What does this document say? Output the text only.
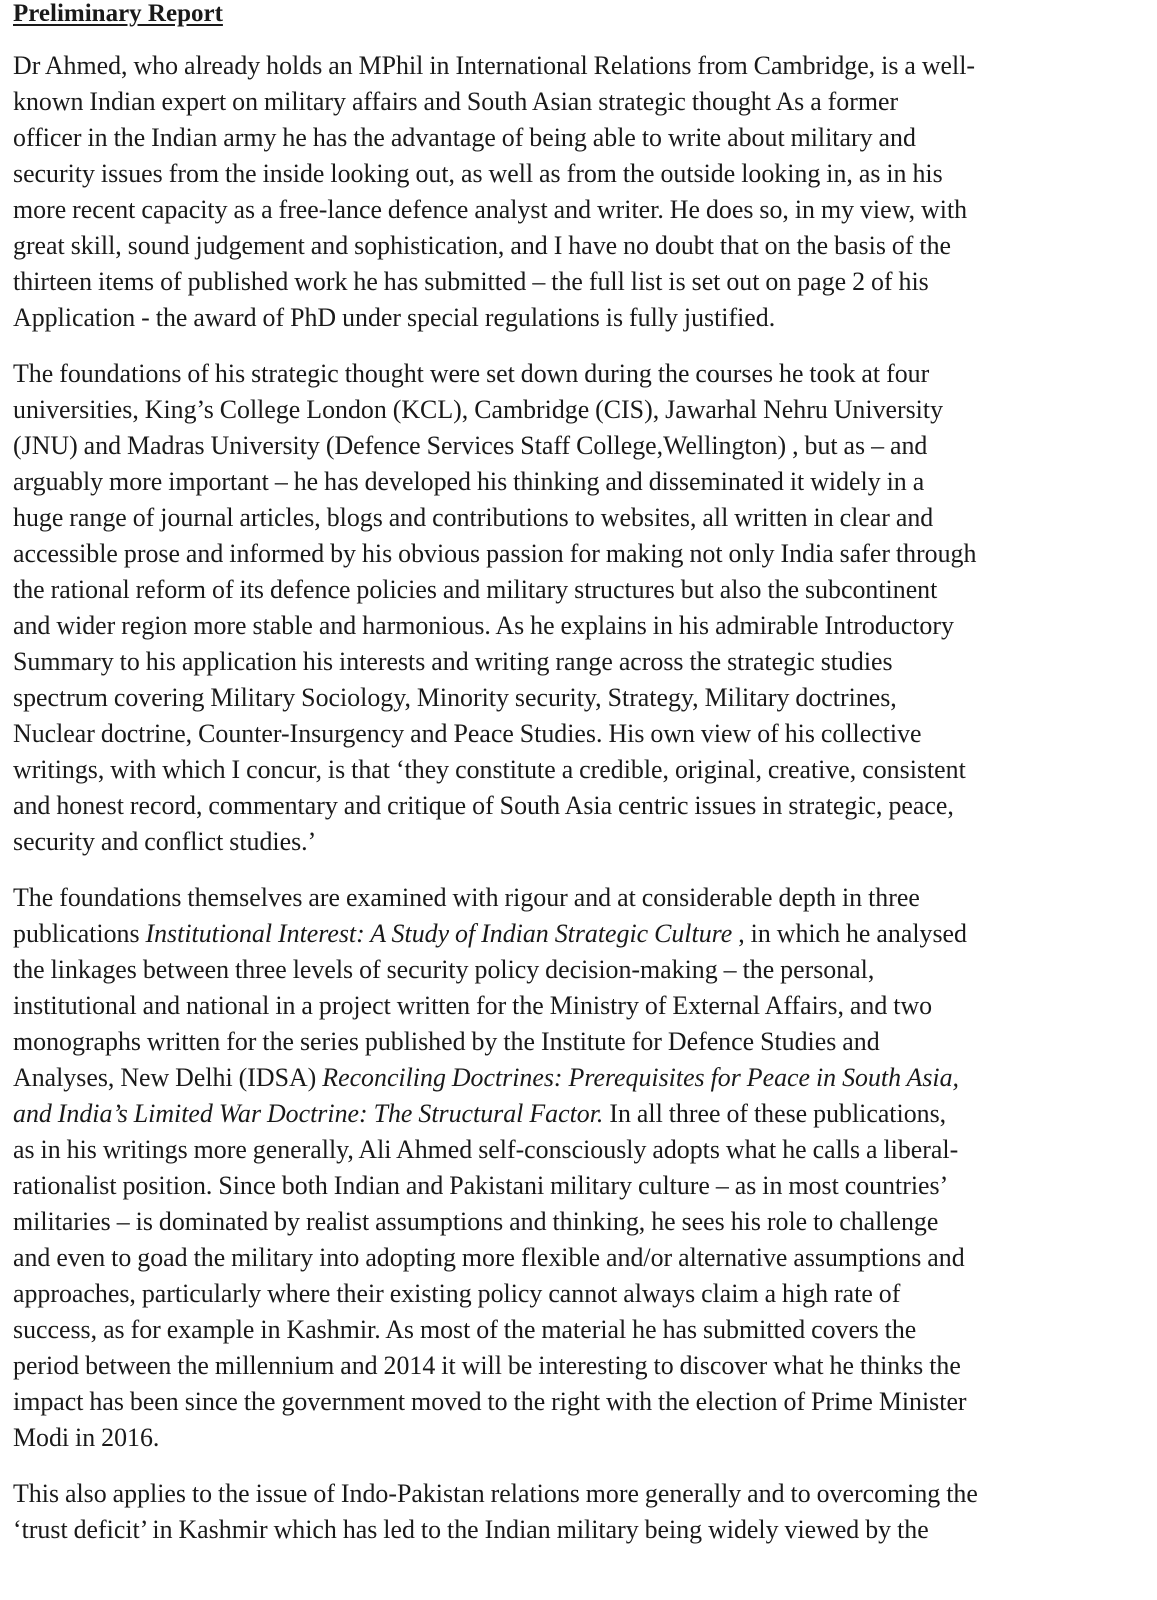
Preliminary Report

Dr Ahmed, who already holds an MPhil in International Relations from Cambridge, is a well-
known Indian expert on military affairs and South Asian strategic thought As a former
officer in the Indian army he has the advantage of being able to write about military and
security issues from the inside looking out, as well as from the outside looking in, as in his
more recent capacity as a free-lance defence analyst and writer. He does so, in my view, with
great skill, sound judgement and sophistication, and I have no doubt that on the basis of the
thirteen items of published work he has submitted – the full list is set out on page 2 of his
Application - the award of PhD under special regulations is fully justified.

The foundations of his strategic thought were set down during the courses he took at four
universities, King’s College London (KCL), Cambridge (CIS), Jawarhal Nehru University
(JNU) and Madras University (Defence Services Staff College,Wellington) , but as – and
arguably more important – he has developed his thinking and disseminated it widely in a
huge range of journal articles, blogs and contributions to websites, all written in clear and
accessible prose and informed by his obvious passion for making not only India safer through
the rational reform of its defence policies and military structures but also the subcontinent
and wider region more stable and harmonious. As he explains in his admirable Introductory
Summary to his application his interests and writing range across the strategic studies
spectrum covering Military Sociology, Minority security, Strategy, Military doctrines,
Nuclear doctrine, Counter-Insurgency and Peace Studies. His own view of his collective
writings, with which I concur, is that ‘they constitute a credible, original, creative, consistent
and honest record, commentary and critique of South Asia centric issues in strategic, peace,
security and conflict studies.’

The foundations themselves are examined with rigour and at considerable depth in three
publications Institutional Interest: A Study of Indian Strategic Culture , in which he analysed
the linkages between three levels of security policy decision-making – the personal,
institutional and national in a project written for the Ministry of External Affairs, and two
monographs written for the series published by the Institute for Defence Studies and
Analyses, New Delhi (IDSA) Reconciling Doctrines: Prerequisites for Peace in South Asia,
and India’s Limited War Doctrine: The Structural Factor. In all three of these publications,
as in his writings more generally, Ali Ahmed self-consciously adopts what he calls a liberal-
rationalist position. Since both Indian and Pakistani military culture – as in most countries’
militaries – is dominated by realist assumptions and thinking, he sees his role to challenge
and even to goad the military into adopting more flexible and/or alternative assumptions and
approaches, particularly where their existing policy cannot always claim a high rate of
success, as for example in Kashmir. As most of the material he has submitted covers the
period between the millennium and 2014 it will be interesting to discover what he thinks the
impact has been since the government moved to the right with the election of Prime Minister
Modi in 2016.

This also applies to the issue of Indo-Pakistan relations more generally and to overcoming the
‘trust deficit’ in Kashmir which has led to the Indian military being widely viewed by the
